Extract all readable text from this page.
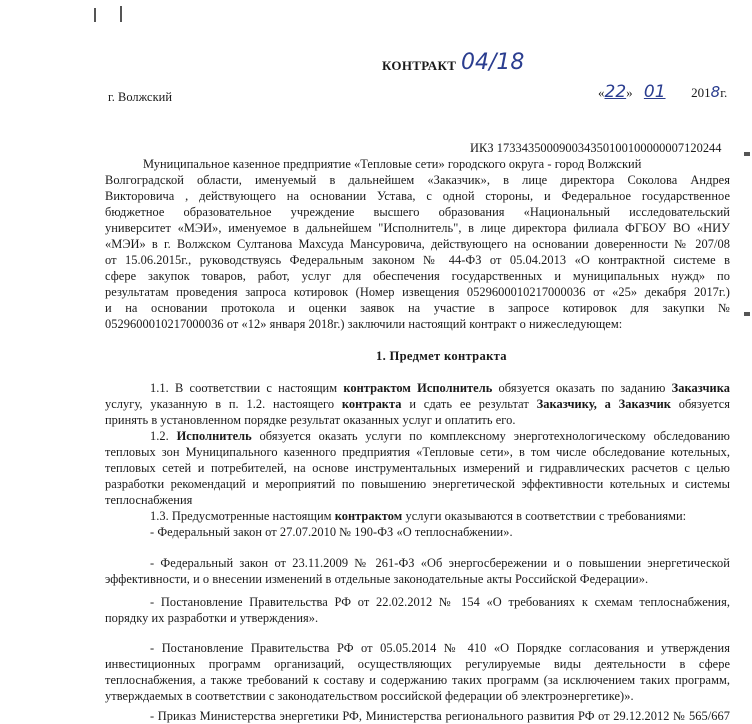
КОНТРАКТ 04/18
г. Волжский	«22» 01 2018г.
ИКЗ 173343500090034350100100000007120244
Муниципальное казенное предприятие «Тепловые сети» городского округа - город Волжский
Волгоградской области, именуемый в дальнейшем «Заказчик», в лице директора Соколова Андрея
Викторовича , действующего на основании Устава, с одной стороны, и Федеральное государственное
бюджетное образовательное учреждение высшего образования «Национальный исследовательский
университет «МЭИ», именуемое в дальнейшем "Исполнитель", в лице директора филиала ФГБОУ ВО «НИУ
«МЭИ» в г. Волжском Султанова Махсуда Мансуровича, действующего на основании доверенности № 207/08
от 15.06.2015г., руководствуясь Федеральным законом № 44-ФЗ от 05.04.2013 «О контрактной системе в
сфере закупок товаров, работ, услуг для обеспечения государственных и муниципальных нужд» по
результатам проведения запроса котировок (Номер извещения 0529600010217000036 от «25» декабря 2017г.)
и на основании протокола и оценки заявок на участие в запросе котировок для закупки №
0529600010217000036 от «12» января 2018г.) заключили настоящий контракт о нижеследующем:
1. Предмет контракта
1.1. В соответствии с настоящим контрактом Исполнитель обязуется оказать по заданию Заказчика
услугу, указанную в п. 1.2. настоящего контракта и сдать ее результат Заказчику, а Заказчик обязуется
принять в установленном порядке результат оказанных услуг и оплатить его.
1.2. Исполнитель обязуется оказать услуги по комплексному энерготехнологическому обследованию
тепловых зон Муниципального казенного предприятия «Тепловые сети», в том числе обследование котельных,
тепловых сетей и потребителей, на основе инструментальных измерений и гидравлических расчетов с целью
разработки рекомендаций и мероприятий по повышению энергетической эффективности котельных и системы
теплоснабжения
1.3. Предусмотренные настоящим контрактом услуги оказываются в соответствии с требованиями:
- Федеральный закон от 27.07.2010 № 190-ФЗ «О теплоснабжении».
- Федеральный закон от 23.11.2009 № 261-ФЗ «Об энергосбережении и о повышении энергетической
эффективности, и о внесении изменений в отдельные законодательные акты Российской Федерации».
- Постановление Правительства РФ от 22.02.2012 № 154 «О требованиях к схемам теплоснабжения,
порядку их разработки и утверждения».
- Постановление Правительства РФ от 05.05.2014 № 410 «О Порядке согласования и утверждения
инвестиционных программ организаций, осуществляющих регулируемые виды деятельности в сфере
теплоснабжения, а также требований к составу и содержанию таких программ (за исключением таких программ,
утверждаемых в соответствии с законодательством российской федерации об электроэнергетике)».
- Приказ Министерства энергетики РФ, Министерства регионального развития РФ от 29.12.2012 № 565/667
